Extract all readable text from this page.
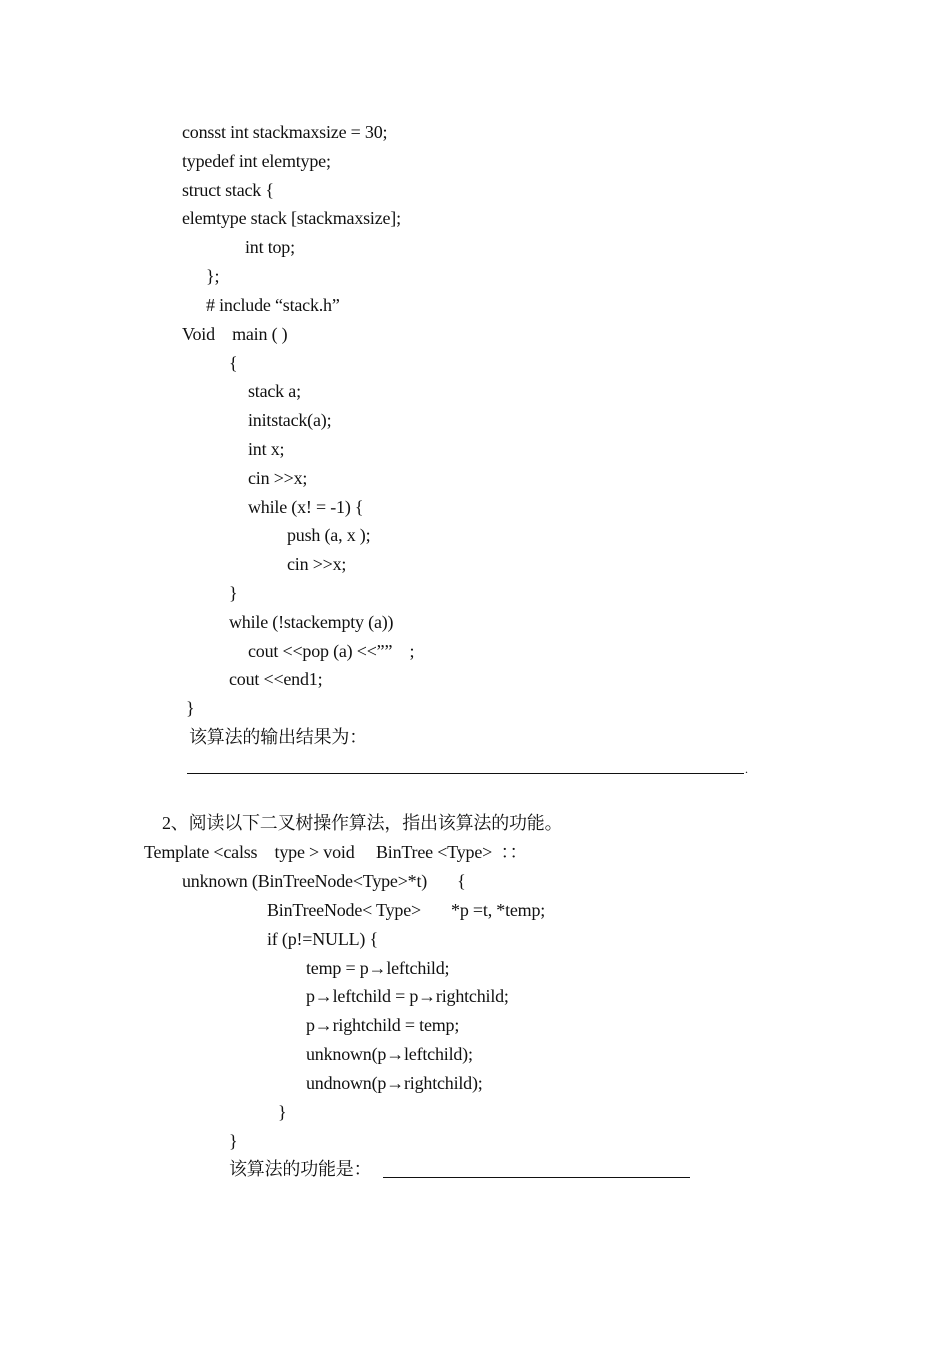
consst int stackmaxsize = 30;
typedef int elemtype;
struct stack {
elemtype stack [stackmaxsize];
int top;
};
# include “stack.h”
Void    main ( )
{
stack a;
initstack(a);
int x;
cin >>x;
while (x! = -1) {
push (a, x );
cin >>x;
}
while (!stackempty (a))
cout <<pop (a) <<””    ;
cout <<end1;
}
该算法的输出结果为：
.
2、阅读以下二叉树操作算法，指出该算法的功能。
Template <calss    type > void     BinTree <Type>  ：：
unknown (BinTreeNode<Type>*t)       {
BinTreeNode< Type>       *p =t, *temp;
if (p!=NULL) {
temp = p→leftchild;
p→leftchild = p→rightchild;
p→rightchild = temp;
unknown(p→leftchild);
undnown(p→rightchild);
}
}
该算法的功能是：
